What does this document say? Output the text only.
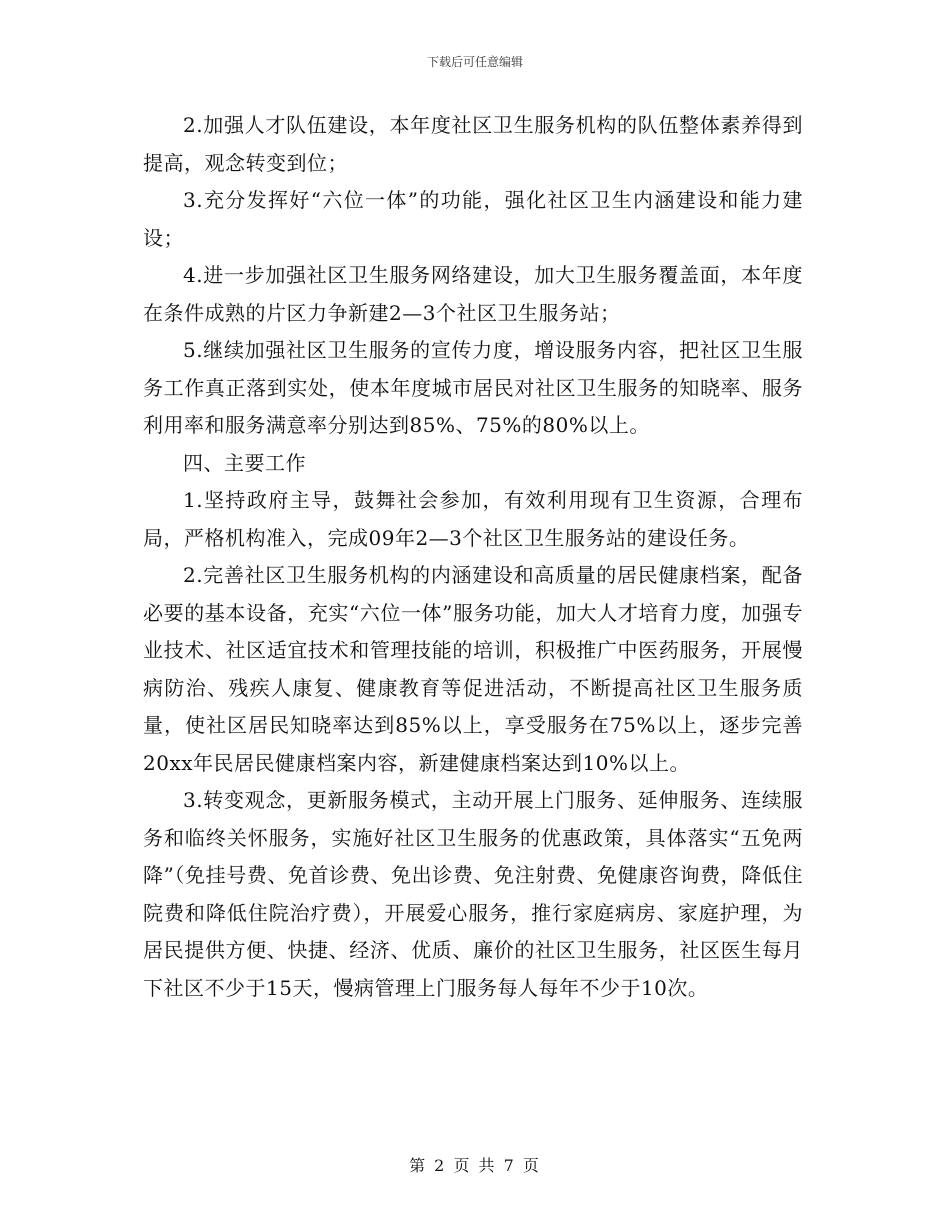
下载后可任意编辑

2.加强人才队伍建设，本年度社区卫生服务机构的队伍整体素养得到提高，观念转变到位；

3.充分发挥好“六位一体”的功能，强化社区卫生内涵建设和能力建设；

4.进一步加强社区卫生服务网络建设，加大卫生服务覆盖面，本年度在条件成熟的片区力争新建2—3个社区卫生服务站；

5.继续加强社区卫生服务的宣传力度，增设服务内容，把社区卫生服务工作真正落到实处，使本年度城市居民对社区卫生服务的知晓率、服务利用率和服务满意率分别达到85%、75%的80%以上。

四、主要工作

1.坚持政府主导，鼓舞社会参加，有效利用现有卫生资源，合理布局，严格机构准入，完成09年2—3个社区卫生服务站的建设任务。

2.完善社区卫生服务机构的内涵建设和高质量的居民健康档案，配备必要的基本设备，充实“六位一体”服务功能，加大人才培育力度，加强专业技术、社区适宜技术和管理技能的培训，积极推广中医药服务，开展慢病防治、残疾人康复、健康教育等促进活动，不断提高社区卫生服务质量，使社区居民知晓率达到85%以上，享受服务在75%以上，逐步完善20xx年民居民健康档案内容，新建健康档案达到10%以上。

3.转变观念，更新服务模式，主动开展上门服务、延伸服务、连续服务和临终关怀服务，实施好社区卫生服务的优惠政策，具体落实“五免两降”（免挂号费、免首诊费、免出诊费、免注射费、免健康咨询费，降低住院费和降低住院治疗费），开展爱心服务，推行家庭病房、家庭护理，为居民提供方便、快捷、经济、优质、廉价的社区卫生服务，社区医生每月下社区不少于15天，慢病管理上门服务每人每年不少于10次。

第 2 页 共 7 页
